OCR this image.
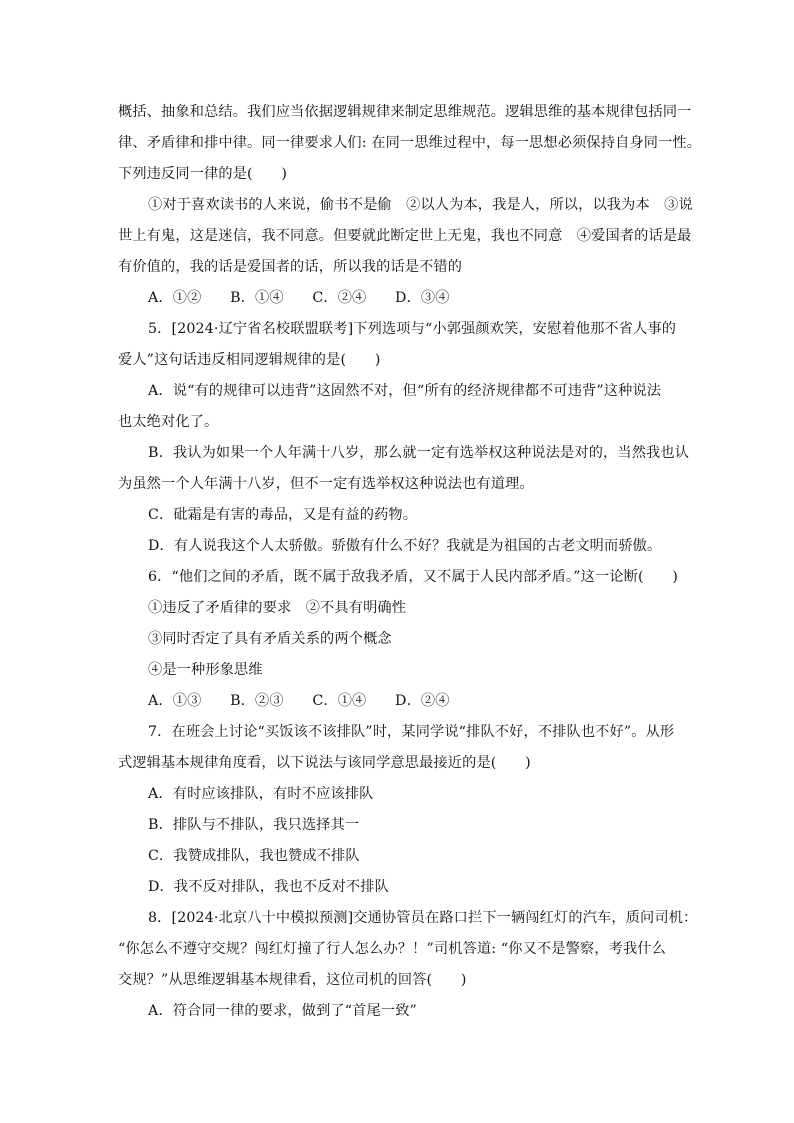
概括、抽象和总结。我们应当依据逻辑规律来制定思维规范。逻辑思维的基本规律包括同一
律、矛盾律和排中律。同一律要求人们: 在同一思维过程中，每一思想必须保持自身同一性。
下列违反同一律的是(　　)
①对于喜欢读书的人来说，偷书不是偷　②以人为本，我是人，所以，以我为本　③说
世上有鬼，这是迷信，我不同意。但要就此断定世上无鬼，我也不同意　④爱国者的话是最
有价值的，我的话是爱国者的话，所以我的话是不错的
A．①②　　B．①④　　C．②④　　D．③④
5．[2024·辽宁省名校联盟联考]下列选项与“小郭强颜欢笑，安慰着他那不省人事的
爱人”这句话违反相同逻辑规律的是(　　)
A．说“有的规律可以违背”这固然不对，但“所有的经济规律都不可违背”这种说法
也太绝对化了。
B．我认为如果一个人年满十八岁，那么就一定有选举权这种说法是对的，当然我也认
为虽然一个人年满十八岁，但不一定有选举权这种说法也有道理。
C．砒霜是有害的毒品，又是有益的药物。
D．有人说我这个人太骄傲。骄傲有什么不好？我就是为祖国的古老文明而骄傲。
6．“他们之间的矛盾，既不属于敌我矛盾，又不属于人民内部矛盾。”这一论断(　　)
①违反了矛盾律的要求　②不具有明确性
③同时否定了具有矛盾关系的两个概念
④是一种形象思维
A．①③　　B．②③　　C．①④　　D．②④
7．在班会上讨论“买饭该不该排队”时，某同学说“排队不好，不排队也不好”。从形
式逻辑基本规律角度看，以下说法与该同学意思最接近的是(　　)
A．有时应该排队，有时不应该排队
B．排队与不排队，我只选择其一
C．我赞成排队，我也赞成不排队
D．我不反对排队，我也不反对不排队
8．[2024·北京八十中模拟预测]交通协管员在路口拦下一辆闯红灯的汽车，质问司机：
“你怎么不遵守交规？闯红灯撞了行人怎么办？！”司机答道: “你又不是警察，考我什么
交规？”从思维逻辑基本规律看，这位司机的回答(　　)
A．符合同一律的要求，做到了“首尾一致”
